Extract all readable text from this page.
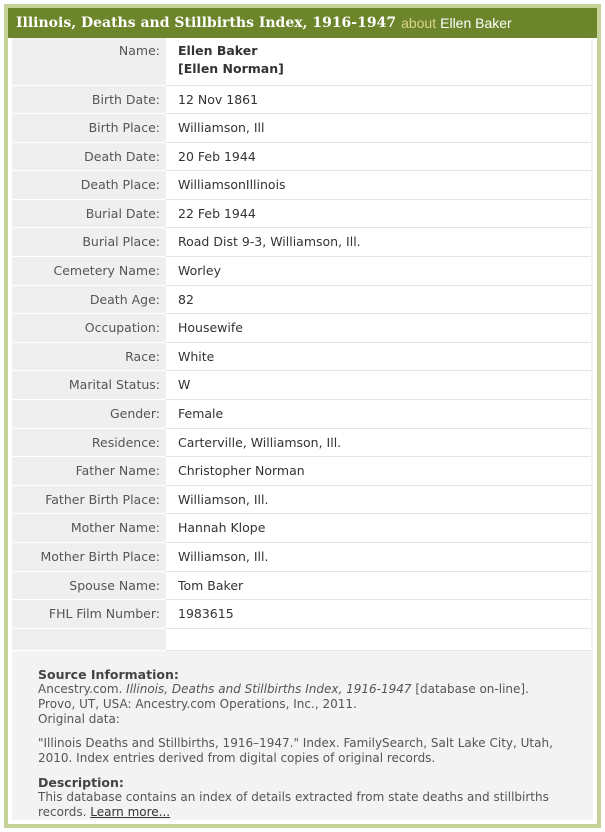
Illinois, Deaths and Stillbirths Index, 1916-1947 about Ellen Baker
Name:	Ellen Baker
[Ellen Norman]

Birth Date:	12 Nov 1861
Birth Place:	Williamson, Ill
Death Date:	20 Feb 1944
Death Place:	WilliamsonIllinois
Burial Date:	22 Feb 1944
Burial Place:	Road Dist 9-3, Williamson, Ill.
Cemetery Name:	Worley
Death Age:	82
Occupation:	Housewife
Race:	White
Marital Status:	W
Gender:	Female
Residence:	Carterville, Williamson, Ill.
Father Name:	Christopher Norman
Father Birth Place:	Williamson, Ill.
Mother Name:	Hannah Klope
Mother Birth Place:	Williamson, Ill.
Spouse Name:	Tom Baker
FHL Film Number:	1983615

Source Information:

Ancestry.com. Illinois, Deaths and Stillbirths Index, 1916-1947 [database on-line].

Provo, UT, USA: Ancestry.com Operations, Inc., 2011.

Original data:

"Illinois Deaths and Stillbirths, 1916–1947." Index. FamilySearch, Salt Lake City, Utah, 2010. Index entries derived from digital copies of original records.

Description:

This database contains an index of details extracted from state deaths and stillbirths records. Learn more...
